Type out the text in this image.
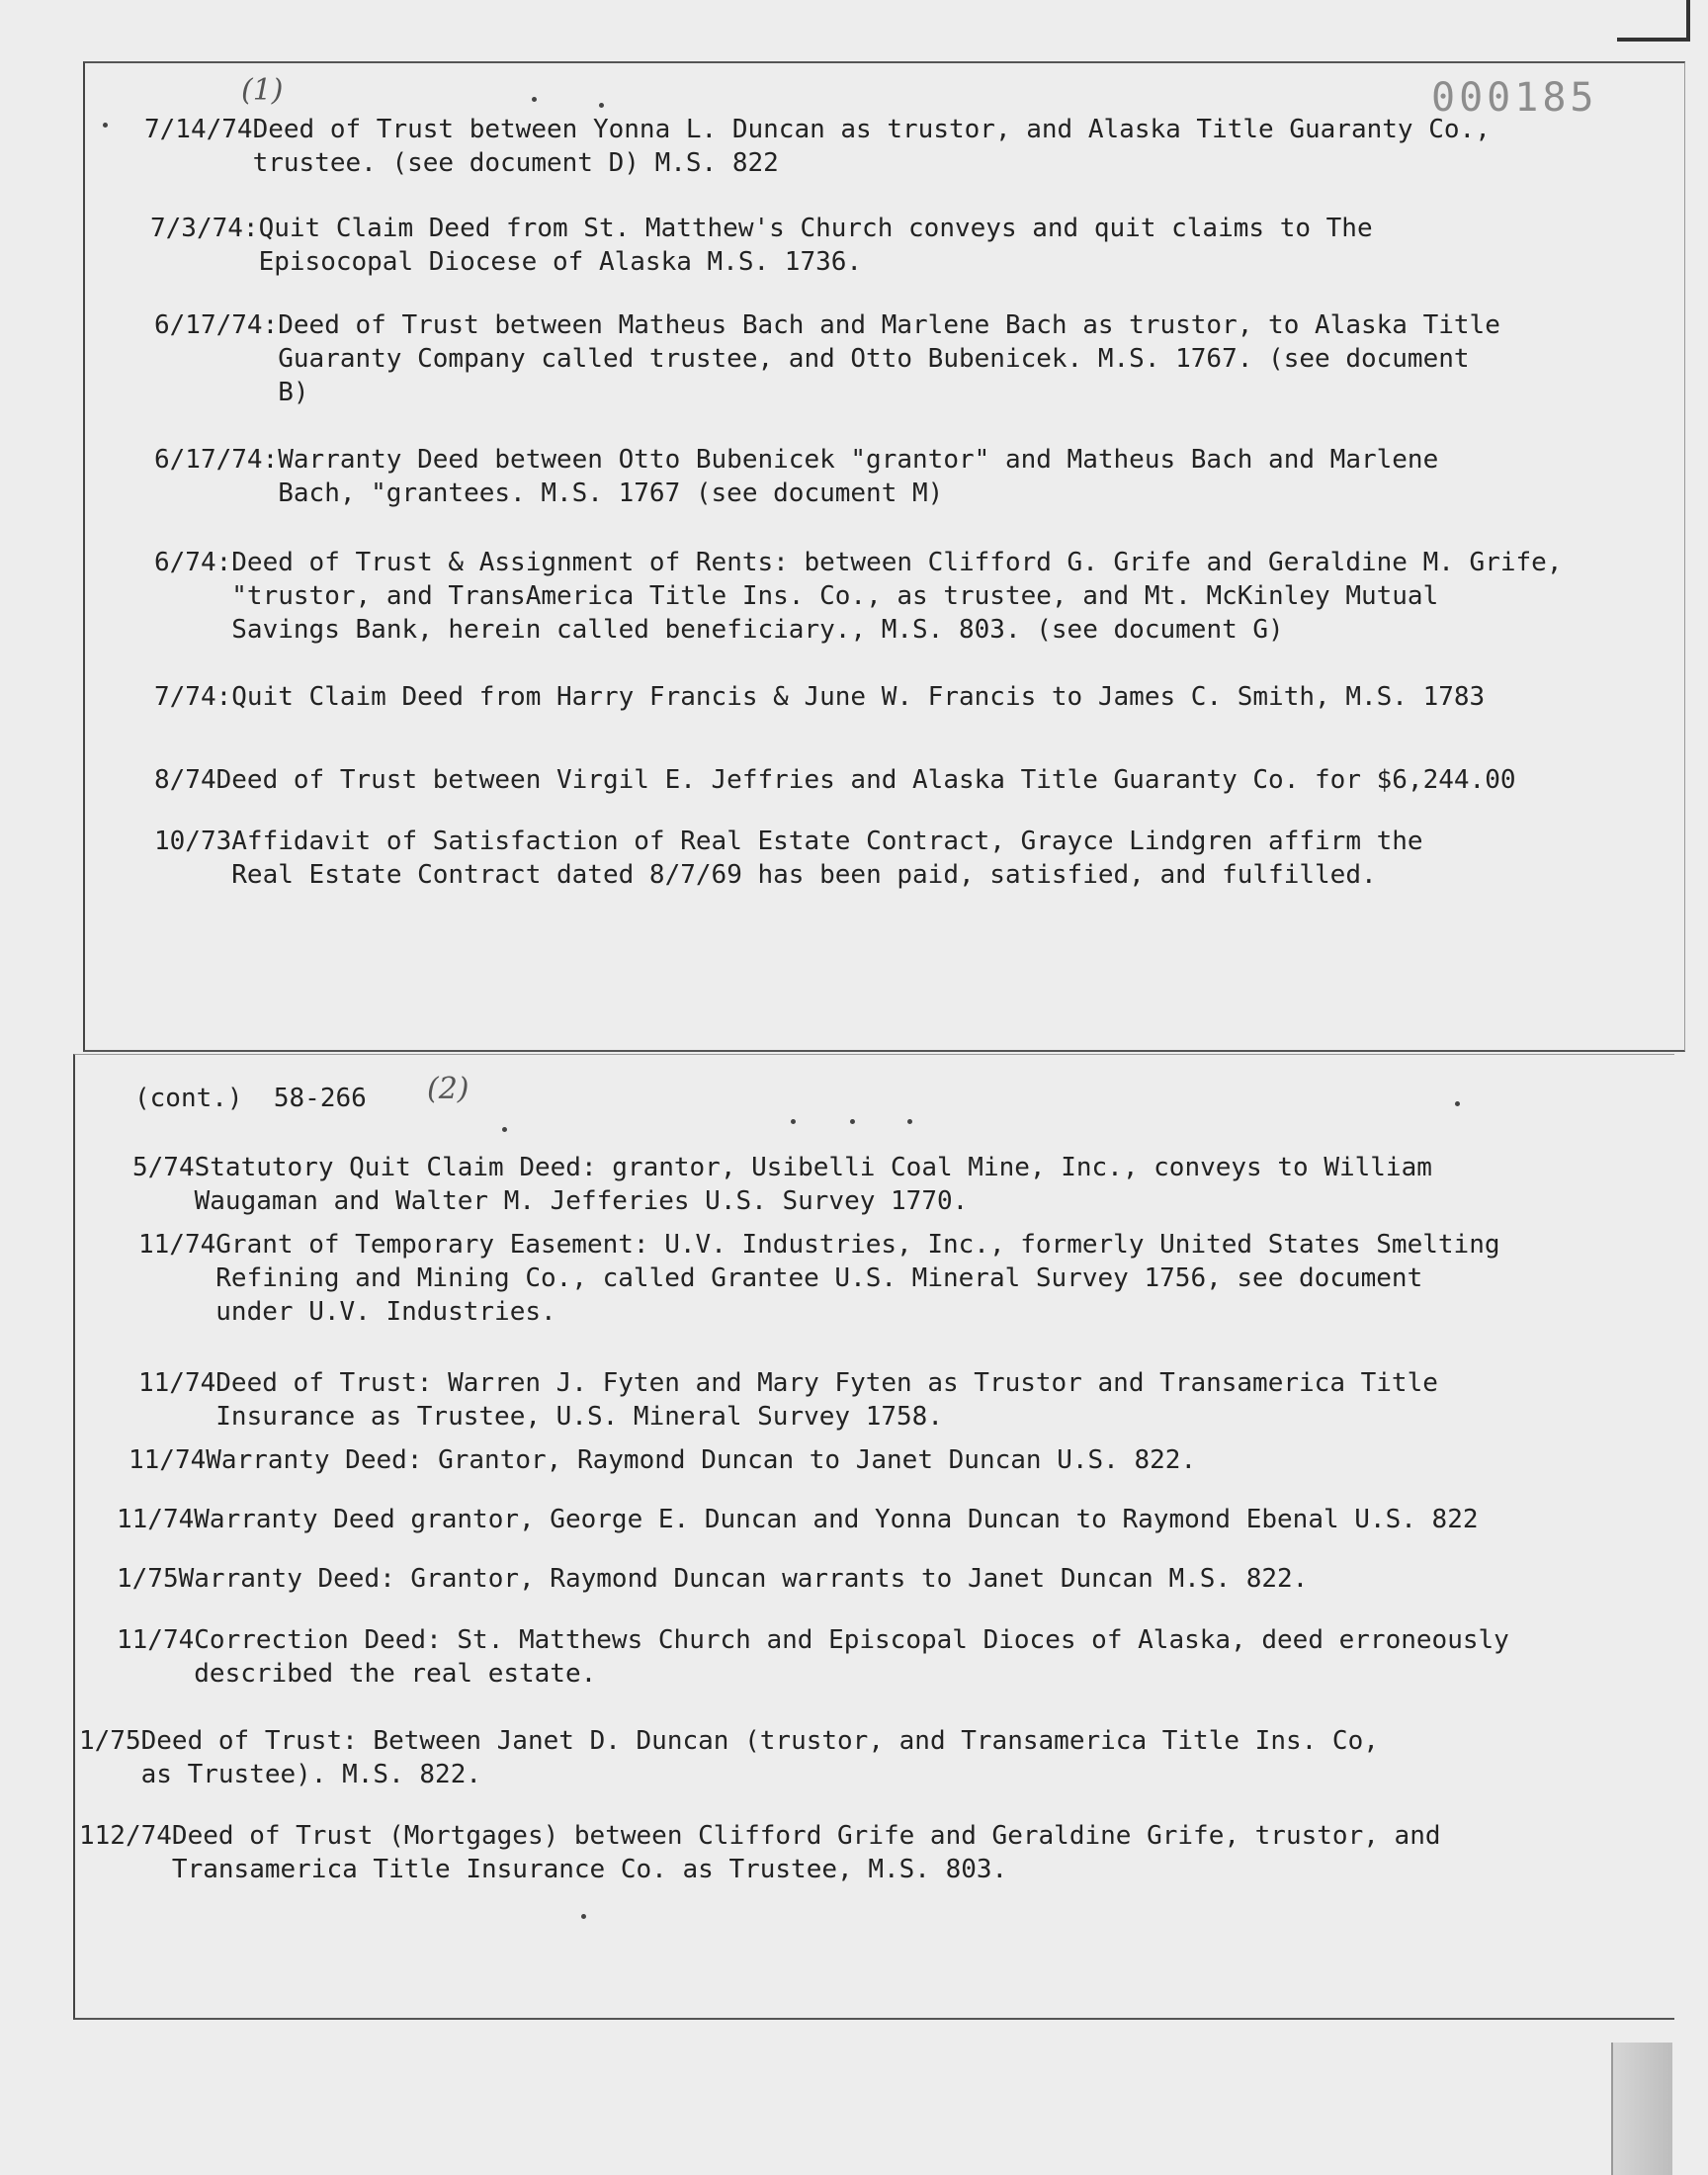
000185
(1)
(2)
7/14/74 Deed of Trust between Yonna L. Duncan as trustor, and Alaska Title Guaranty Co.,
trustee. (see document D) M.S. 822
7/3/74: Quit Claim Deed from St. Matthew's Church conveys and quit claims to The
Episocopal Diocese of Alaska M.S. 1736.
6/17/74: Deed of Trust between Matheus Bach and Marlene Bach as trustor, to Alaska Title
Guaranty Company called trustee, and Otto Bubenicek. M.S. 1767. (see document
B)
6/17/74: Warranty Deed between Otto Bubenicek "grantor" and Matheus Bach and Marlene
Bach, "grantees. M.S. 1767 (see document M)
6/74: Deed of Trust & Assignment of Rents: between Clifford G. Grife and Geraldine M. Grife,
"trustor, and TransAmerica Title Ins. Co., as trustee, and Mt. McKinley Mutual
Savings Bank, herein called beneficiary., M.S. 803. (see document G)
7/74: Quit Claim Deed from Harry Francis & June W. Francis to James C. Smith, M.S. 1783
8/74 Deed of Trust between Virgil E. Jeffries and Alaska Title Guaranty Co. for $6,244.00
10/73 Affidavit of Satisfaction of Real Estate Contract, Grayce Lindgren affirm the
Real Estate Contract dated 8/7/69 has been paid, satisfied, and fulfilled.
(cont.)  58-266
5/74 Statutory Quit Claim Deed: grantor, Usibelli Coal Mine, Inc., conveys to William
Waugaman and Walter M. Jefferies U.S. Survey 1770.
11/74 Grant of Temporary Easement: U.V. Industries, Inc., formerly United States Smelting
Refining and Mining Co., called Grantee U.S. Mineral Survey 1756, see document
under U.V. Industries.
11/74 Deed of Trust: Warren J. Fyten and Mary Fyten as Trustor and Transamerica Title
Insurance as Trustee, U.S. Mineral Survey 1758.
11/74 Warranty Deed: Grantor, Raymond Duncan to Janet Duncan U.S. 822.
11/74 Warranty Deed grantor, George E. Duncan and Yonna Duncan to Raymond Ebenal U.S. 822
1/75 Warranty Deed: Grantor, Raymond Duncan warrants to Janet Duncan M.S. 822.
11/74 Correction Deed: St. Matthews Church and Episcopal Dioces of Alaska, deed erroneously
described the real estate.
1/75 Deed of Trust: Between Janet D. Duncan (trustor, and Transamerica Title Ins. Co,
as Trustee). M.S. 822.
112/74 Deed of Trust (Mortgages) between Clifford Grife and Geraldine Grife, trustor, and
Transamerica Title Insurance Co. as Trustee, M.S. 803.
